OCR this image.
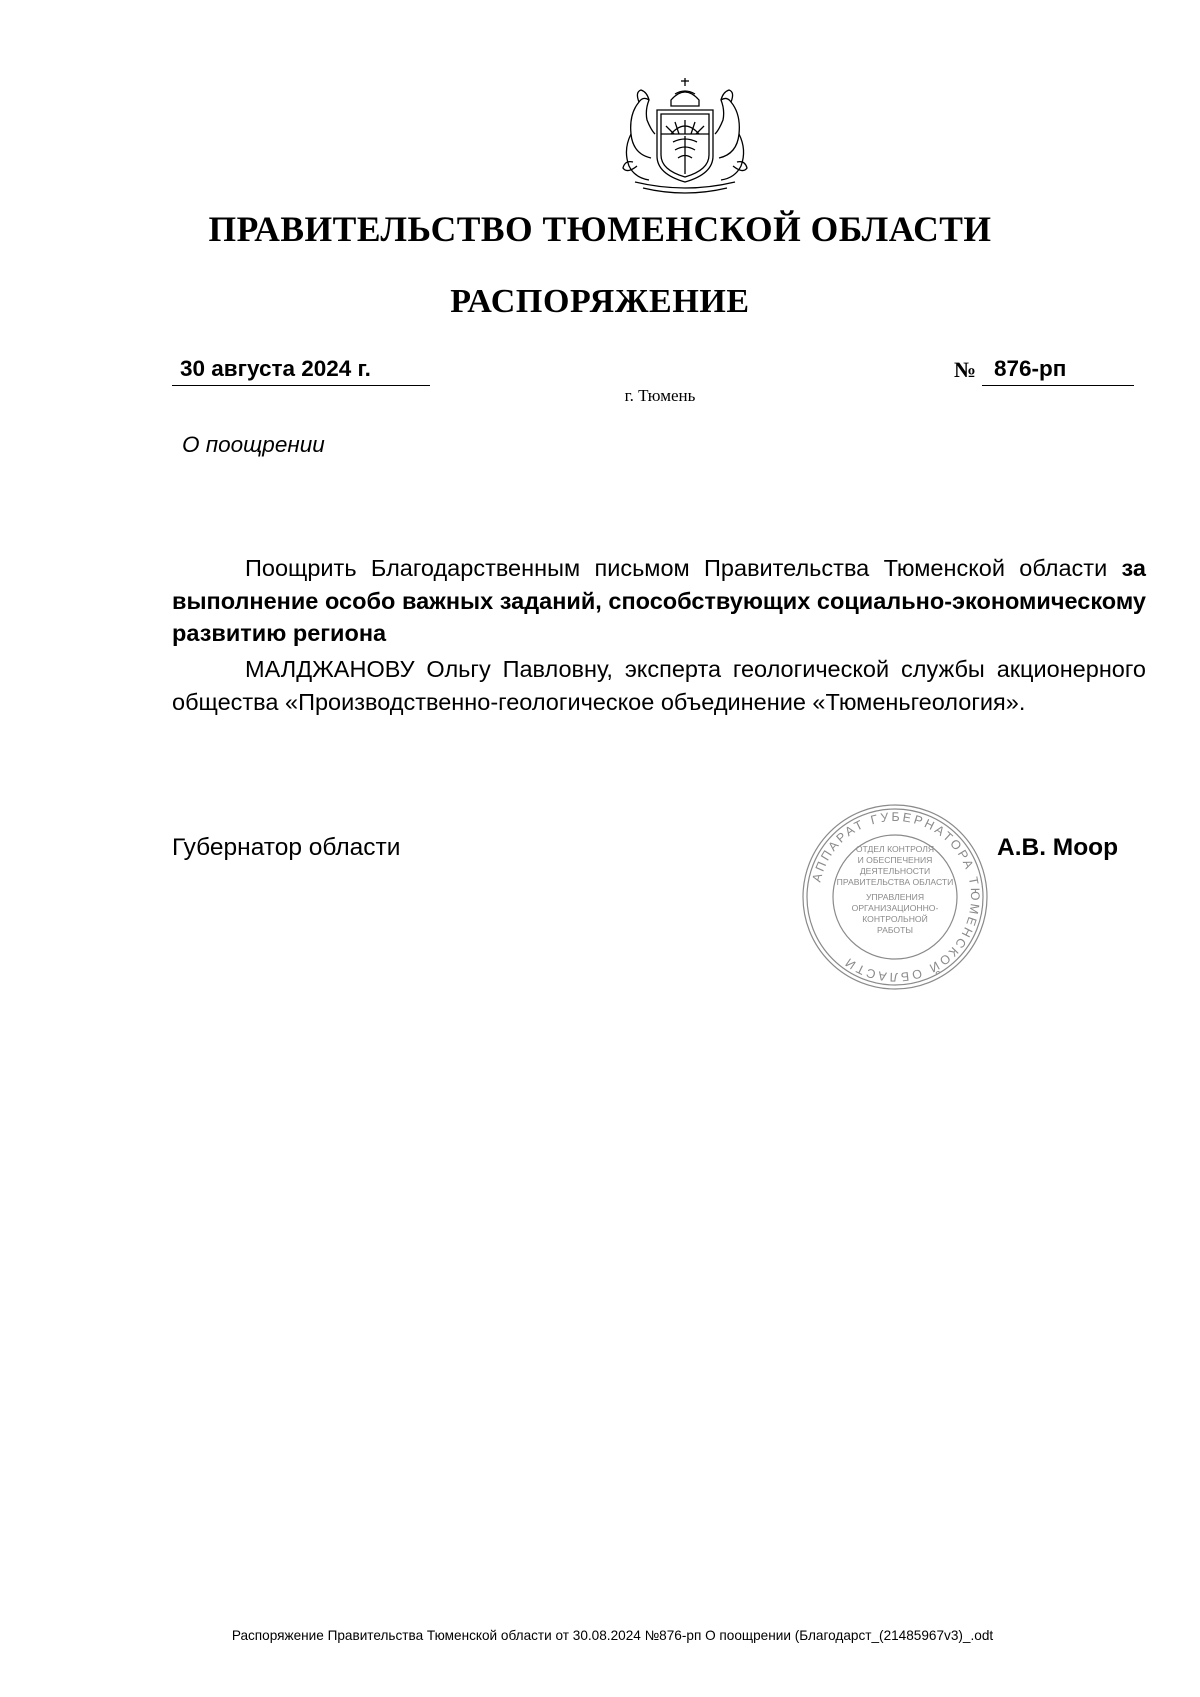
ПРАВИТЕЛЬСТВО ТЮМЕНСКОЙ ОБЛАСТИ
РАСПОРЯЖЕНИЕ
30 августа 2024 г.	№ 876-рп
г. Тюмень
О поощрении

Поощрить Благодарственным письмом Правительства Тюменской области за выполнение особо важных заданий, способствующих социально-экономическому развитию региона

МАЛДЖАНОВУ Ольгу Павловну, эксперта геологической службы акционерного общества «Производственно-геологическое объединение «Тюменьгеология».

Губернатор области
АППАРАТ ГУБЕРНАТОРА ТЮМЕНСКОЙ ОБЛАСТИ
ОТДЕЛ КОНТРОЛЯ
И ОБЕСПЕЧЕНИЯ
ДЕЯТЕЛЬНОСТИ
ПРАВИТЕЛЬСТВА ОБЛАСТИ
УПРАВЛЕНИЯ
ОРГАНИЗАЦИОННО-
КОНТРОЛЬНОЙ
РАБОТЫ
А.В. Моор
Распоряжение Правительства Тюменской области от 30.08.2024 №876-рп О поощрении (Благодарст_(21485967v3)_.odt
